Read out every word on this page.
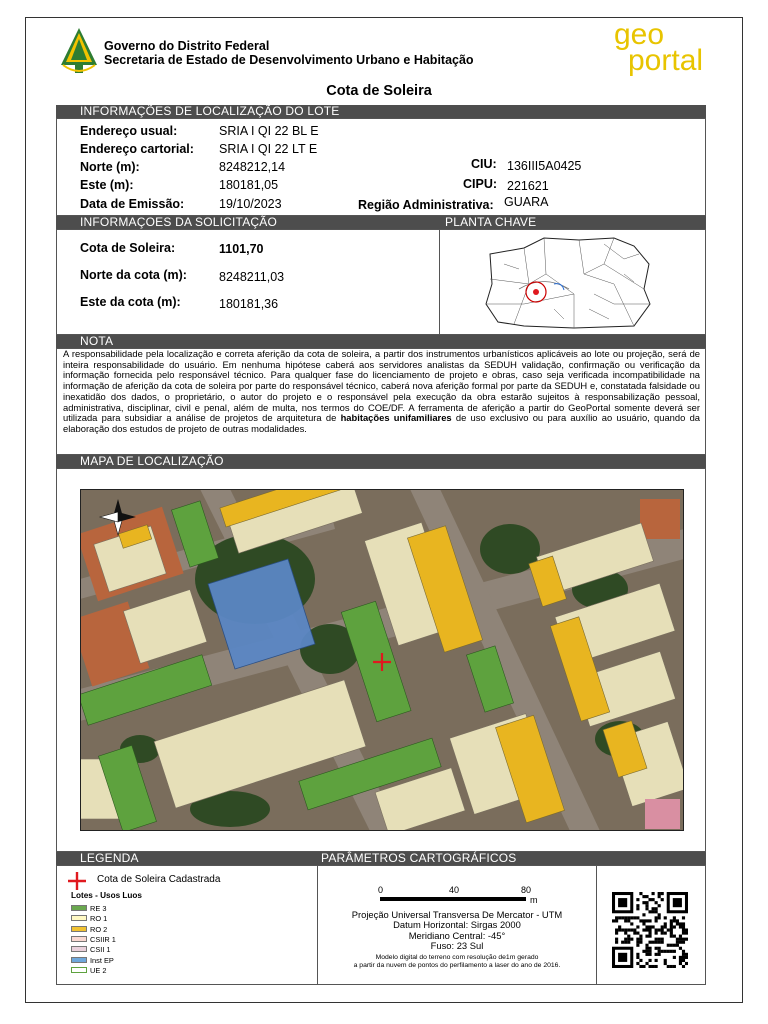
Governo do Distrito Federal
Secretaria de Estado de Desenvolvimento Urbano e Habitação
geo
portal
Cota de Soleira
INFORMAÇÕES DE LOCALIZAÇÃO DO LOTE
Endereço usual:	SRIA I QI 22 BL E
Endereço cartorial: SRIA I QI 22 LT E
Norte (m):	8248212,14
Este (m):	180181,05
Data de Emissão:	19/10/2023
CIU: 136III5A0425
CIPU: 221621
Região Administrativa: GUARA
INFORMAÇOES DA SOLICITAÇÃO	PLANTA CHAVE
Cota de Soleira:	1101,70
Norte da cota (m):	8248211,03
Este da cota (m):	180181,36
NOTA
A responsabilidade pela localização e correta aferição da cota de soleira, a partir dos instrumentos urbanísticos aplicáveis ao lote ou projeção, será de inteira responsabilidade do usuário. Em nenhuma hipótese caberá aos servidores analistas da SEDUH validação, confirmação ou verificação da informação fornecida pelo responsável técnico. Para qualquer fase do licenciamento de projeto e obras, caso seja verificada incompatibilidade na informação de aferição da cota de soleira por parte do responsável técnico, caberá nova aferição formal por parte da SEDUH e, constatada falsidade ou inexatidão dos dados, o proprietário, o autor do projeto e o responsável pela execução da obra estarão sujeitos à responsabilização pessoal, administrativa, disciplinar, civil e penal, além de multa, nos termos do COE/DF. A ferramenta de aferição a partir do GeoPortal somente deverá ser utilizada para subsidiar a análise de projetos de arquitetura de habitações unifamiliares de uso exclusivo ou para auxílio ao usuário, quando da elaboração dos estudos de projeto de outras modalidades.
MAPA DE LOCALIZAÇÃO
LEGENDA	PARÂMETROS CARTOGRÁFICOS
Cota de Soleira Cadastrada
Lotes - Usos Luos
RE 3
RO 1
RO 2
CSIIR 1
CSII 1
Inst EP
UE 2
0	40	80
m
Projeção Universal Transversa De Mercator - UTM
Datum Horizontal: Sirgas 2000
Meridiano Central: -45°
Fuso: 23 Sul
Modelo digital do terreno com resolução de1m gerado
a partir da nuvem de pontos do perfilamento a laser do ano de 2016.
